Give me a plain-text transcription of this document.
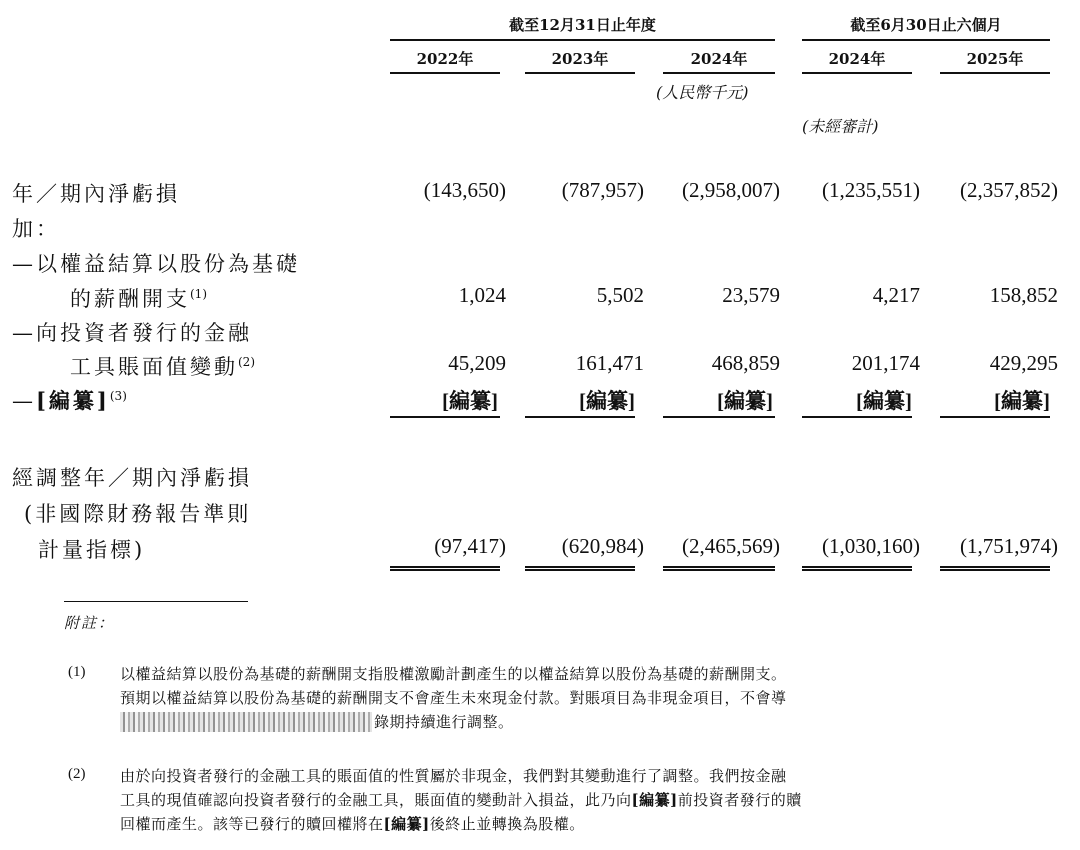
截至12月31日止年度	截至6月30日止六個月
2022年	2023年	2024年	2024年	2025年
(人民幣千元)
(未經審計)
年／期內淨虧損	(143,650)	(787,957)	(2,958,007)	(1,235,551)	(2,357,852)
加：
—以權益結算以股份為基礎
的薪酬開支$^{(1)}$	1,024	5,502	23,579	4,217	158,852
—向投資者發行的金融
工具賬面值變動$^{(2)}$	45,209	161,471	468,859	201,174	429,295
—[編纂]$^{(3)}$	[編纂]	[編纂]	[編纂]	[編纂]	[編纂]
經調整年／期內淨虧損
(非國際財務報告準則
計量指標)	(97,417)	(620,984)	(2,465,569)	(1,030,160)	(1,751,974)
附註：
(1) 以權益結算以股份為基礎的薪酬開支指股權激勵計劃產生的以權益結算以股份為基礎的薪酬開支。
預期以權益結算以股份為基礎的薪酬開支不會產生未來現金付款。對賬項目為非現金項目，不會導
錄期持續進行調整。
(2) 由於向投資者發行的金融工具的賬面值的性質屬於非現金，我們對其變動進行了調整。我們按金融
工具的現值確認向投資者發行的金融工具，賬面值的變動計入損益，此乃向[編纂]前投資者發行的贖
回權而產生。該等已發行的贖回權將在[編纂]後終止並轉換為股權。
